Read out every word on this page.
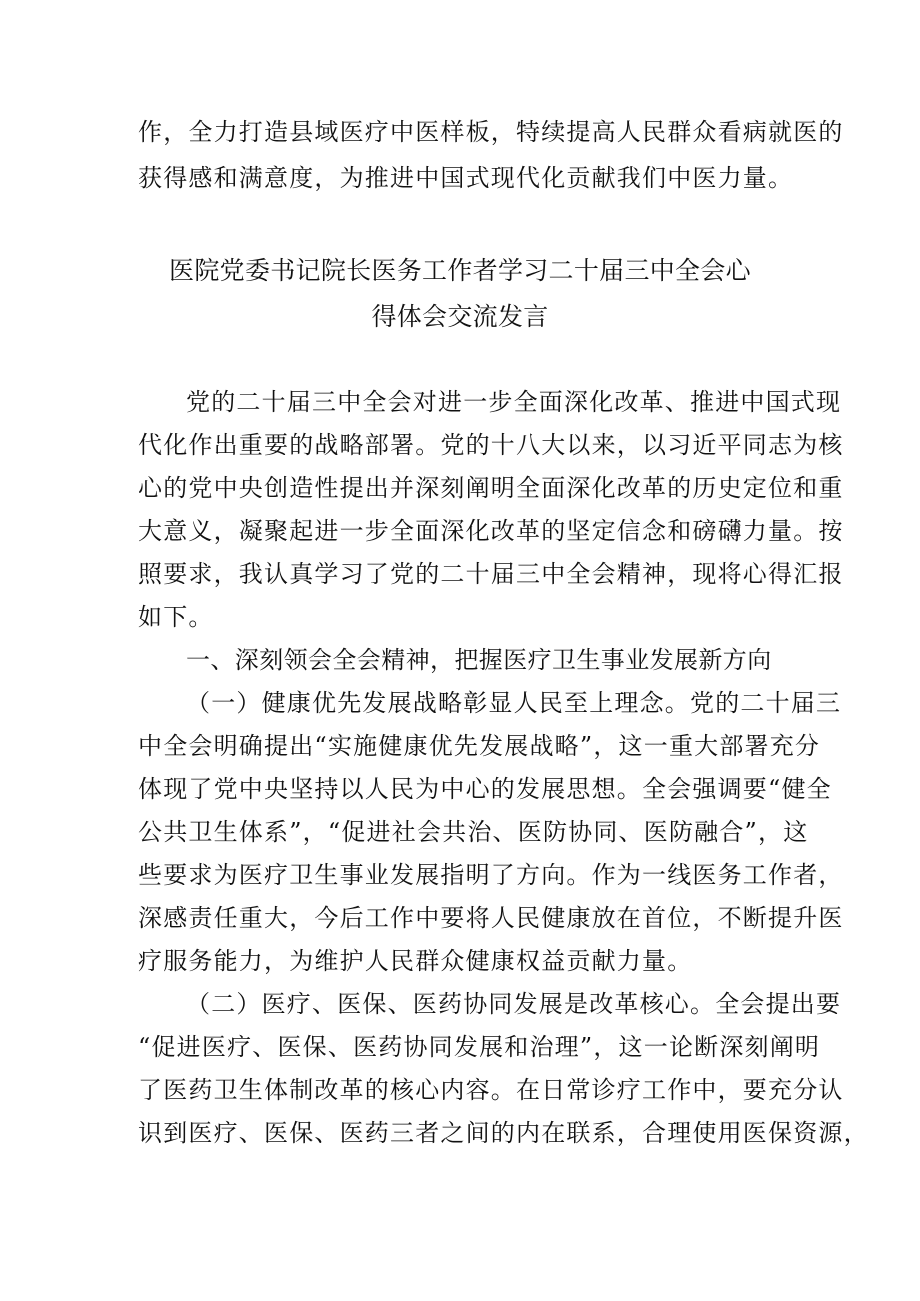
作，全力打造县域医疗中医样板，特续提高人民群众看病就医的
获得感和满意度，为推进中国式现代化贡献我们中医力量。
医院党委书记院长医务工作者学习二十届三中全会心
得体会交流发言
党的二十届三中全会对进一步全面深化改革、推进中国式现
代化作出重要的战略部署。党的十八大以来，以习近平同志为核
心的党中央创造性提出并深刻阐明全面深化改革的历史定位和重
大意义，凝聚起进一步全面深化改革的坚定信念和磅礴力量。按
照要求，我认真学习了党的二十届三中全会精神，现将心得汇报
如下。
一、深刻领会全会精神，把握医疗卫生事业发展新方向
（一）健康优先发展战略彰显人民至上理念。党的二十届三
中全会明确提出“实施健康优先发展战略”，这一重大部署充分
体现了党中央坚持以人民为中心的发展思想。全会强调要“健全
公共卫生体系”，“促进社会共治、医防协同、医防融合”，这
些要求为医疗卫生事业发展指明了方向。作为一线医务工作者，
深感责任重大，今后工作中要将人民健康放在首位，不断提升医
疗服务能力，为维护人民群众健康权益贡献力量。
（二）医疗、医保、医药协同发展是改革核心。全会提出要
“促进医疗、医保、医药协同发展和治理”，这一论断深刻阐明
了医药卫生体制改革的核心内容。在日常诊疗工作中，要充分认
识到医疗、医保、医药三者之间的内在联系，合理使用医保资源，
